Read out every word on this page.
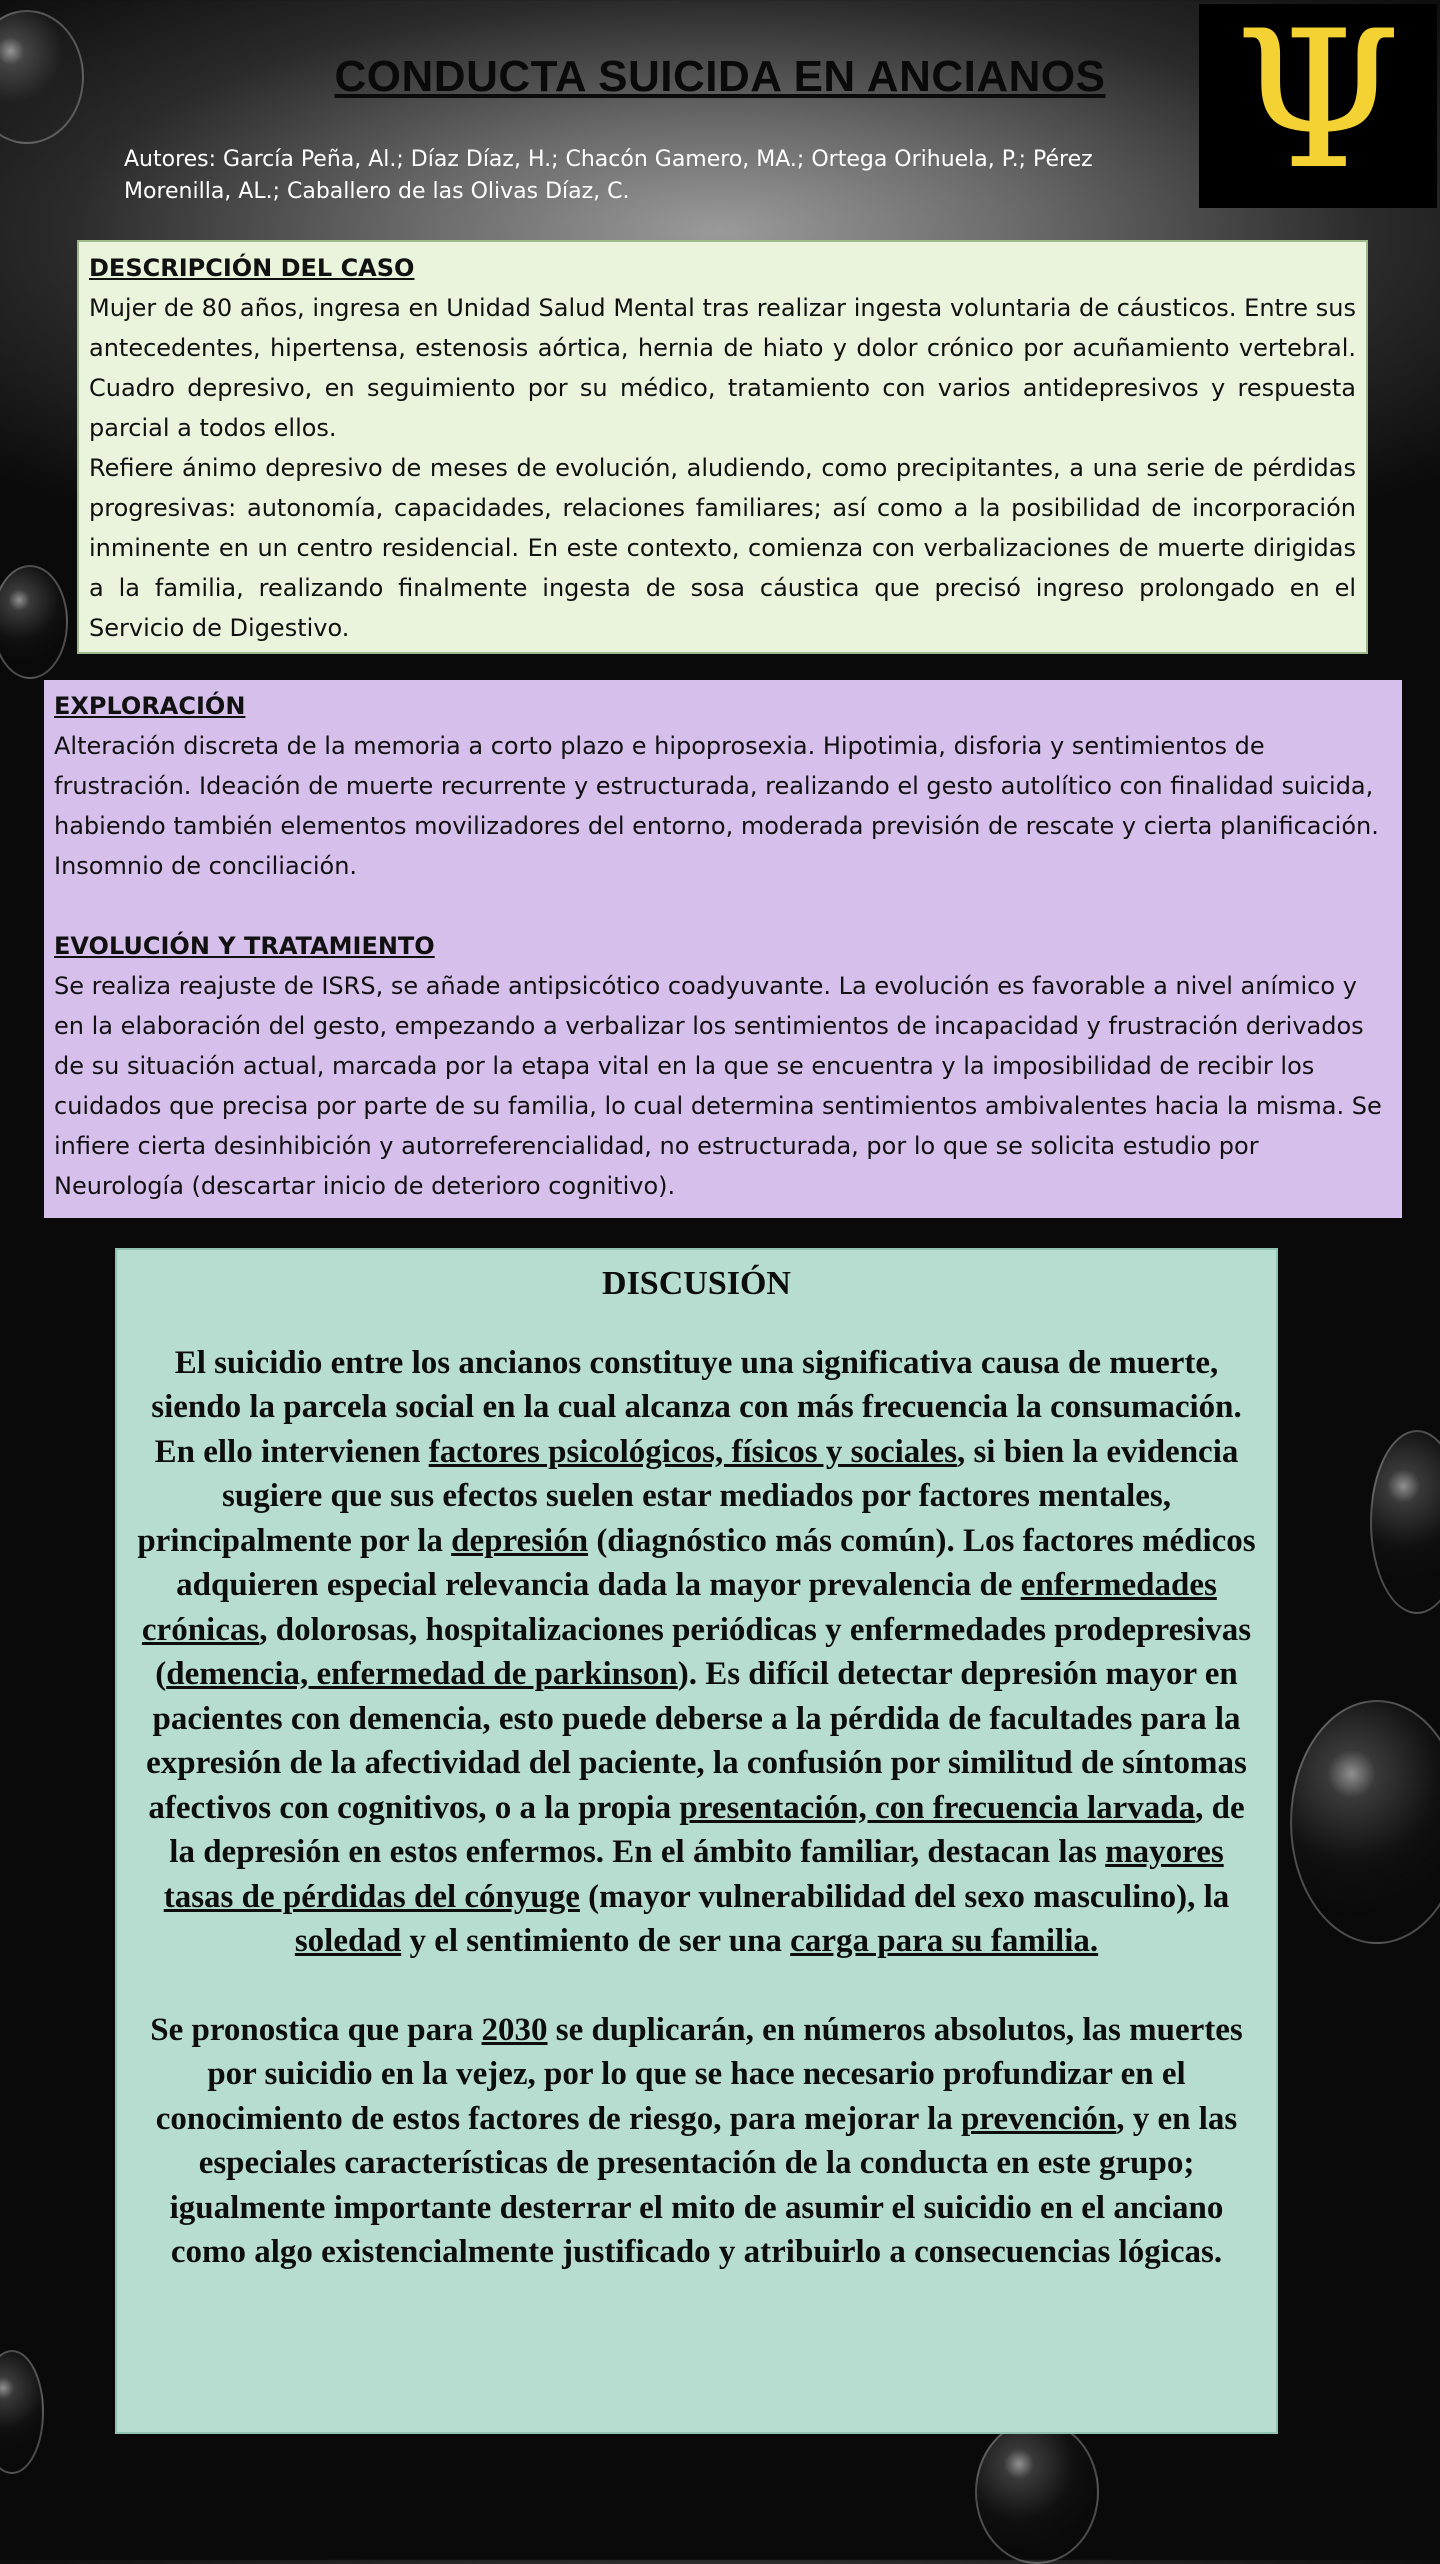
CONDUCTA SUICIDA EN ANCIANOS
Autores: García Peña, Al.; Díaz Díaz, H.; Chacón Gamero, MA.; Ortega Orihuela, P.; Pérez Morenilla, AL.; Caballero de las Olivas Díaz, C.	Ψ
DESCRIPCIÓN DEL CASO

Mujer de 80 años, ingresa en Unidad Salud Mental tras realizar ingesta voluntaria de cáusticos. Entre sus antecedentes, hipertensa, estenosis aórtica, hernia de hiato y dolor crónico por acuñamiento vertebral. Cuadro depresivo, en seguimiento por su médico, tratamiento con varios antidepresivos y respuesta parcial a todos ellos.

Refiere ánimo depresivo de meses de evolución, aludiendo, como precipitantes, a una serie de pérdidas progresivas: autonomía, capacidades, relaciones familiares; así como a la posibilidad de incorporación inminente en un centro residencial. En este contexto, comienza con verbalizaciones de muerte dirigidas a la familia, realizando finalmente ingesta de sosa cáustica que precisó ingreso prolongado en el Servicio de Digestivo.

EXPLORACIÓN

Alteración discreta de la memoria a corto plazo e hipoprosexia. Hipotimia, disforia y sentimientos de frustración. Ideación de muerte recurrente y estructurada, realizando el gesto autolítico con finalidad suicida, habiendo también elementos movilizadores del entorno, moderada previsión de rescate y cierta planificación. Insomnio de conciliación.

EVOLUCIÓN Y TRATAMIENTO

Se realiza reajuste de ISRS, se añade antipsicótico coadyuvante. La evolución es favorable a nivel anímico y en la elaboración del gesto, empezando a verbalizar los sentimientos de incapacidad y frustración derivados de su situación actual, marcada por la etapa vital en la que se encuentra y la imposibilidad de recibir los cuidados que precisa por parte de su familia, lo cual determina sentimientos ambivalentes hacia la misma. Se infiere cierta desinhibición y autorreferencialidad, no estructurada, por lo que se solicita estudio por Neurología (descartar inicio de deterioro cognitivo).

DISCUSIÓN

El suicidio entre los ancianos constituye una significativa causa de muerte, siendo la parcela social en la cual alcanza con más frecuencia la consumación. En ello intervienen factores psicológicos, físicos y sociales, si bien la evidencia sugiere que sus efectos suelen estar mediados por factores mentales, principalmente por la depresión (diagnóstico más común). Los factores médicos adquieren especial relevancia dada la mayor prevalencia de enfermedades crónicas, dolorosas, hospitalizaciones periódicas y enfermedades prodepresivas (demencia, enfermedad de parkinson). Es difícil detectar depresión mayor en pacientes con demencia, esto puede deberse a la pérdida de facultades para la expresión de la afectividad del paciente, la confusión por similitud de síntomas afectivos con cognitivos, o a la propia presentación, con frecuencia larvada, de la depresión en estos enfermos. En el ámbito familiar, destacan las mayores tasas de pérdidas del cónyuge (mayor vulnerabilidad del sexo masculino), la soledad y el sentimiento de ser una carga para su familia.

Se pronostica que para 2030 se duplicarán, en números absolutos, las muertes por suicidio en la vejez, por lo que se hace necesario profundizar en el conocimiento de estos factores de riesgo, para mejorar la prevención, y en las especiales características de presentación de la conducta en este grupo; igualmente importante desterrar el mito de asumir el suicidio en el anciano como algo existencialmente justificado y atribuirlo a consecuencias lógicas.
